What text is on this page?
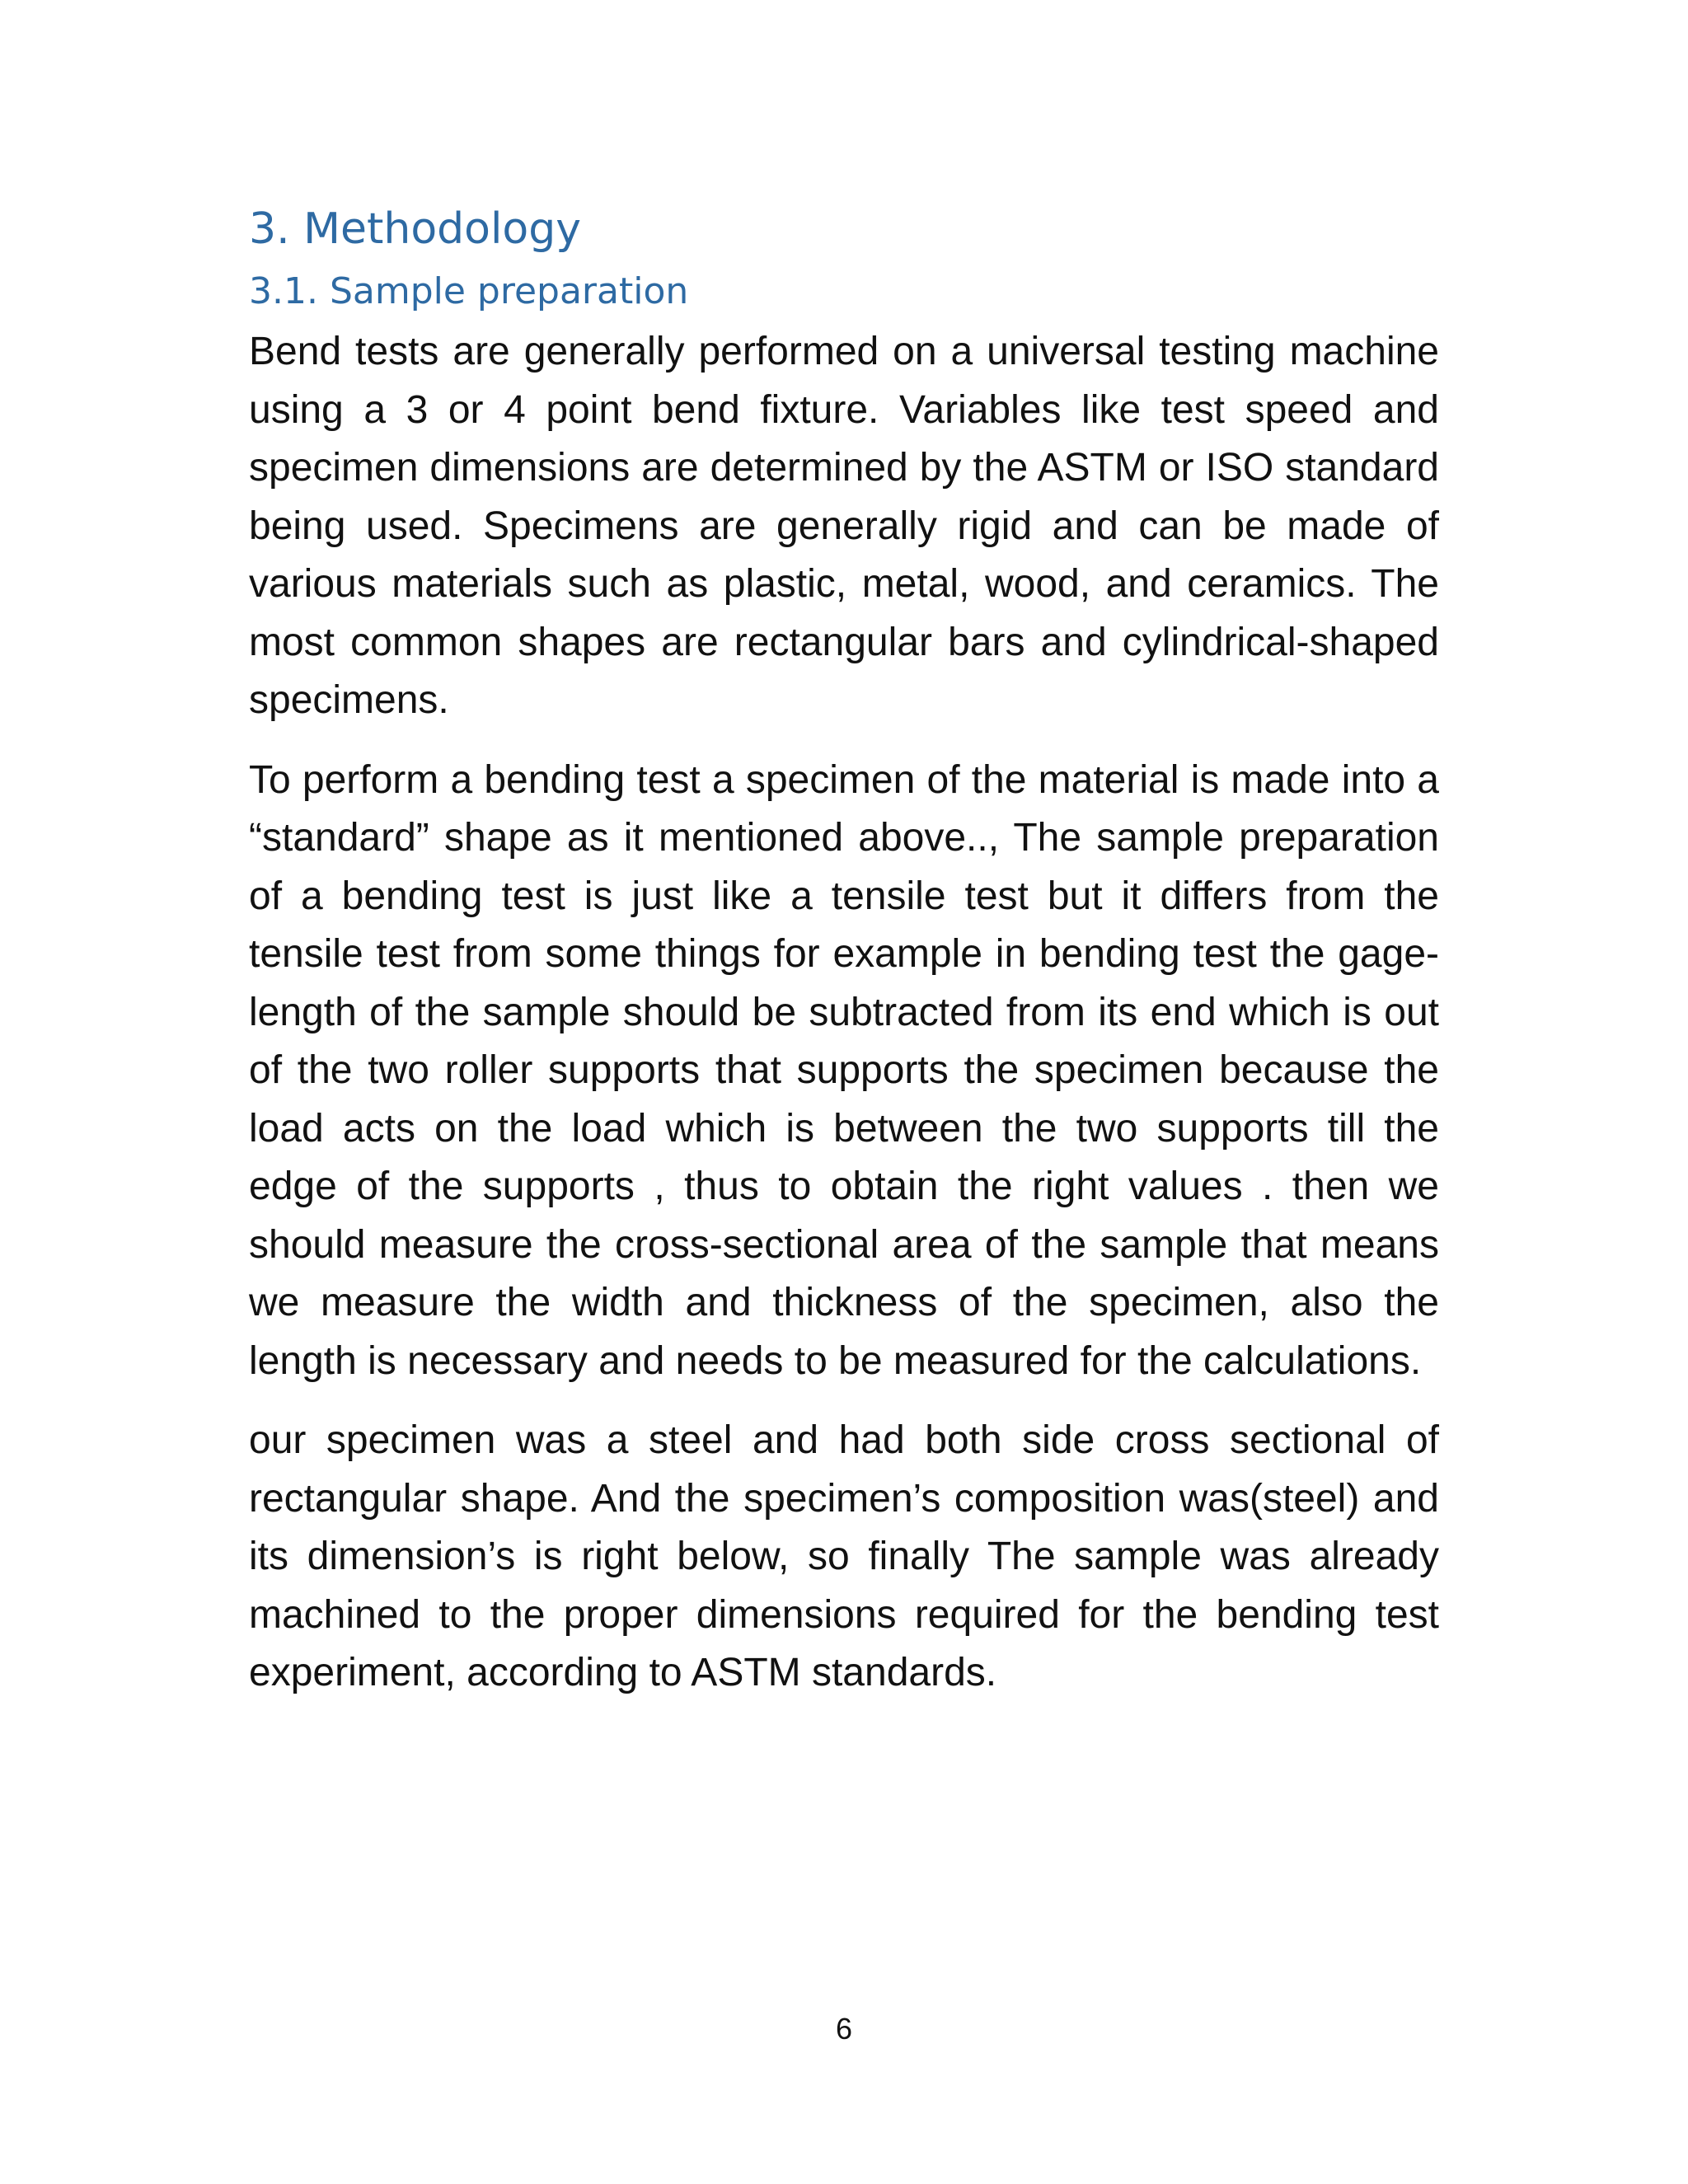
3. Methodology
3.1. Sample preparation

Bend tests are generally performed on a universal testing machine using a 3 or 4 point bend fixture. Variables like test speed and specimen dimensions are determined by the ASTM or ISO standard being used. Specimens are generally rigid and can be made of various materials such as plastic, metal, wood, and ceramics. The most common shapes are rectangular bars and cylindrical-shaped specimens.

To perform a bending test a specimen of the material is made into a “standard” shape as it mentioned above.., The sample preparation of a bending test is just like a tensile test but it differs from the tensile test from some things for example in bending test the gage-length of the sample should be subtracted from its end which is out of the two roller supports that supports the specimen because the load acts on the load which is between the two supports till the edge of the supports , thus to obtain the right values . then we should measure the cross-sectional area of the sample that means we measure the width and thickness of the specimen, also the length is necessary and needs to be measured for the calculations.

our specimen was a steel and had both side cross sectional of rectangular shape. And the specimen’s composition was(steel) and its dimension’s is right below, so finally The sample was already machined to the proper dimensions required for the bending test experiment, according to ASTM standards.

6
